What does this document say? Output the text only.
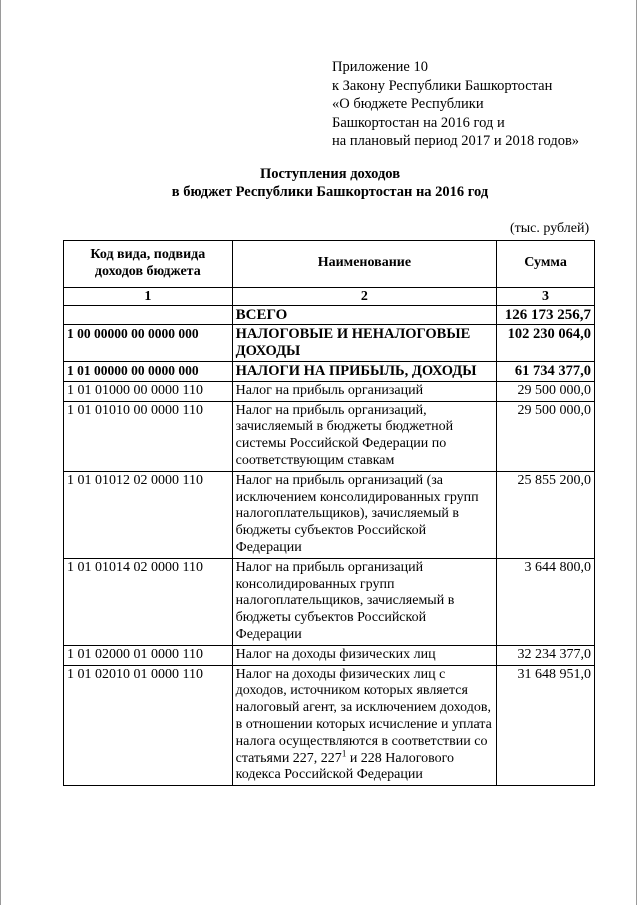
Приложение 10
к Закону Республики Башкортостан
«О бюджете Республики
Башкортостан на 2016 год и
на плановый период 2017 и 2018 годов»
Поступления доходов
в бюджет Республики Башкортостан на 2016 год
(тыс. рублей)
Код вида, подвида доходов бюджета	Наименование	Сумма
1	2	3
	ВСЕГО	126 173 256,7
1 00 00000 00 0000 000	НАЛОГОВЫЕ И НЕНАЛОГОВЫЕ ДОХОДЫ	102 230 064,0
1 01 00000 00 0000 000	НАЛОГИ НА ПРИБЫЛЬ, ДОХОДЫ	61 734 377,0
1 01 01000 00 0000 110	Налог на прибыль организаций	29 500 000,0
1 01 01010 00 0000 110	Налог на прибыль организаций, зачисляемый в бюджеты бюджетной системы Российской Федерации по соответствующим ставкам	29 500 000,0
1 01 01012 02 0000 110	Налог на прибыль организаций (за исключением консолидированных групп налогоплательщиков), зачисляемый в бюджеты субъектов Российской Федерации	25 855 200,0
1 01 01014 02 0000 110	Налог на прибыль организаций консолидированных групп налогоплательщиков, зачисляемый в бюджеты субъектов Российской Федерации	3 644 800,0
1 01 02000 01 0000 110	Налог на доходы физических лиц	32 234 377,0
1 01 02010 01 0000 110	Налог на доходы физических лиц с доходов, источником которых является налоговый агент, за исключением доходов, в отношении которых исчисление и уплата налога осуществляются в соответствии со статьями 227, $227^1$ и 228 Налогового кодекса Российской Федерации	31 648 951,0
